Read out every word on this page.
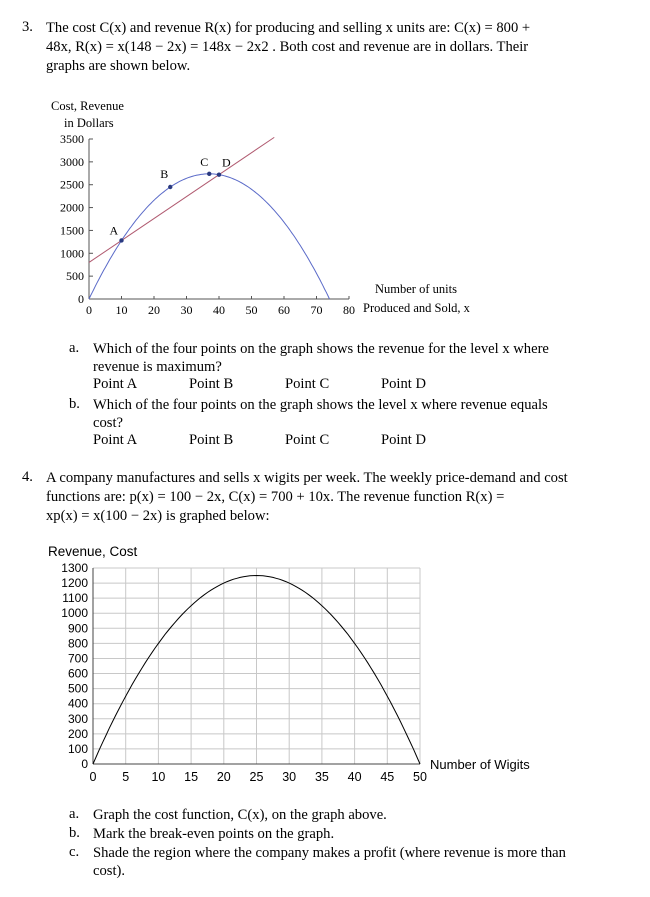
3. The cost C(x) and revenue R(x) for producing and selling x units are: C(x) = 800 +
48x, R(x) = x(148 − 2x) = 148x − 2x2 . Both cost and revenue are in dollars. Their
graphs are shown below.
Cost, Revenue
in Dollars
0
500
1000
1500
2000
2500
3000
3500
0 10 20 30 40 50 60 70 80
A
B
C D
Number of units
Produced and Sold, x
a. Which of the four points on the graph shows the revenue for the level x where
revenue is maximum?
Point A	Point B	Point C	Point D
b. Which of the four points on the graph shows the level x where revenue equals
cost?
Point A	Point B	Point C	Point D
4. A company manufactures and sells x wigits per week. The weekly price-demand and cost
functions are: p(x) = 100 − 2x, C(x) = 700 + 10x. The revenue function R(x) =
xp(x) = x(100 − 2x) is graphed below:
Revenue, Cost
0
100
200
300
400
500
600
700
800
900
1000
1100
1200
1300
0 5 10 15 20 25 30 35 40 45 50
Number of Wigits
a. Graph the cost function, C(x), on the graph above.
b. Mark the break-even points on the graph.
c. Shade the region where the company makes a profit (where revenue is more than
cost).
